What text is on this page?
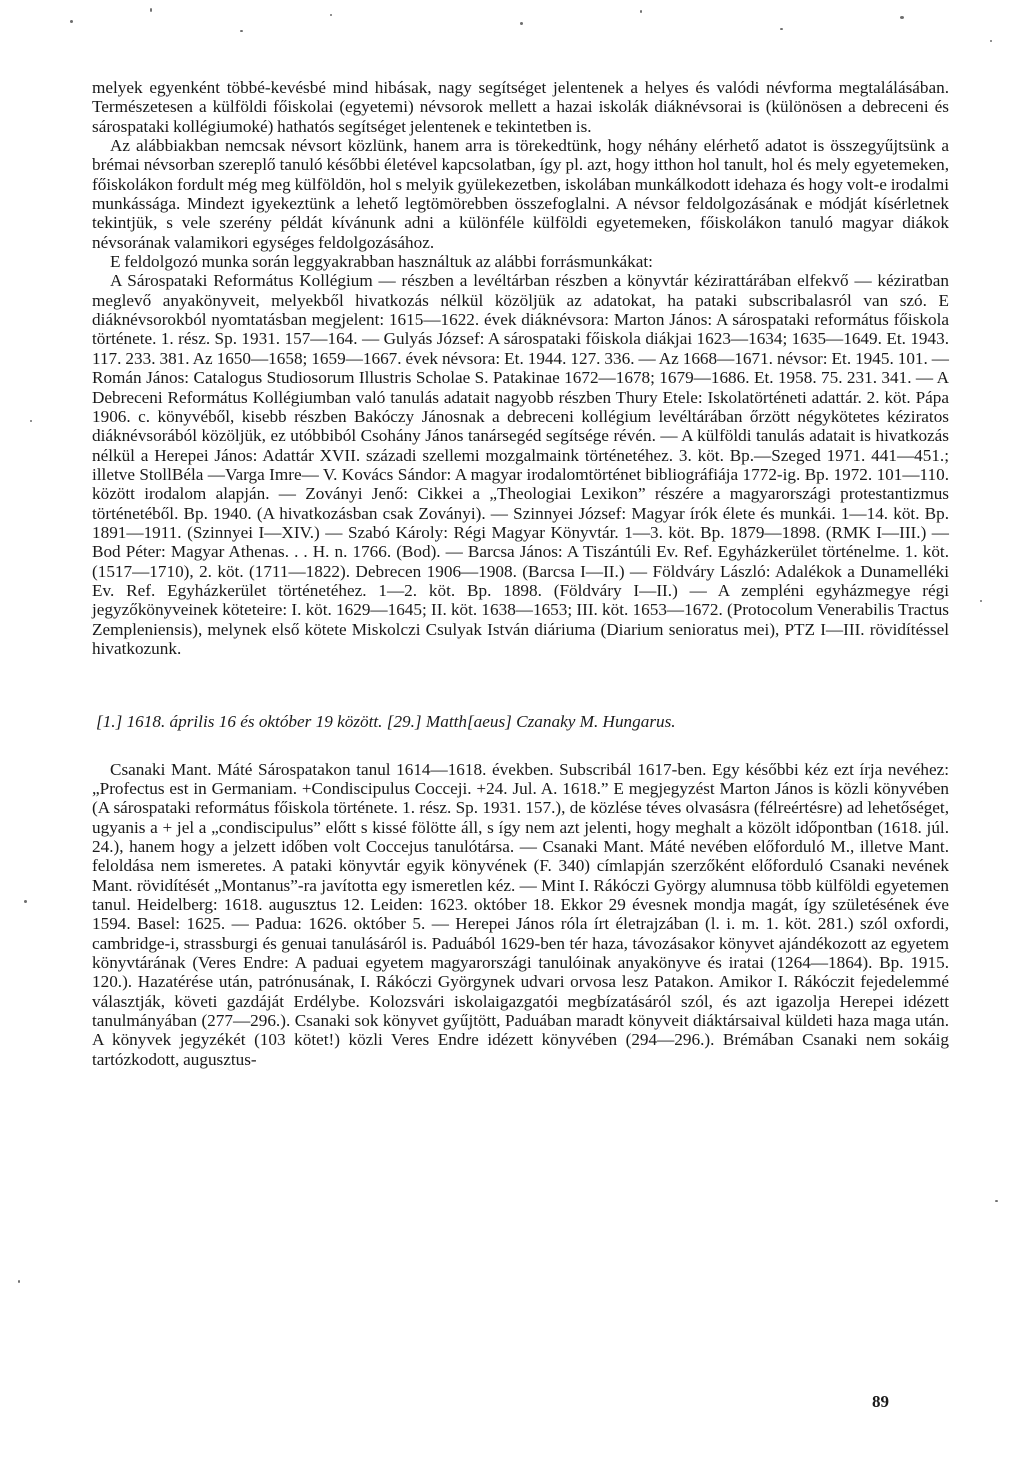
melyek egyenként többé-kevésbé mind hibásak, nagy segítséget jelentenek a helyes és valódi névforma megtalálásában. Természetesen a külföldi főiskolai (egyetemi) névsorok mellett a hazai iskolák diáknévsorai is (különösen a debreceni és sárospataki kollégiumoké) hathatós segítséget jelentenek e tekintetben is.

Az alábbiakban nemcsak névsort közlünk, hanem arra is törekedtünk, hogy néhány elérhető adatot is összegyűjtsünk a brémai névsorban szereplő tanuló későbbi életével kapcsolatban, így pl. azt, hogy itthon hol tanult, hol és mely egyetemeken, főiskolákon fordult még meg külföldön, hol s melyik gyülekezetben, iskolában munkálkodott idehaza és hogy volt-e irodalmi munkássága. Mindezt igyekeztünk a lehető legtömörebben összefoglalni. A névsor feldolgozásának e módját kísérletnek tekintjük, s vele szerény példát kívánunk adni a különféle külföldi egyetemeken, főiskolákon tanuló magyar diákok névsorának valamikori egységes feldolgozásához.

E feldolgozó munka során leggyakrabban használtuk az alábbi forrásmunkákat:

A Sárospataki Református Kollégium — részben a levéltárban részben a könyvtár kézirattárában elfekvő — kéziratban meglevő anyakönyveit, melyekből hivatkozás nélkül közöljük az adatokat, ha pataki subscribalasról van szó. E diáknévsorokból nyomtatásban megjelent: 1615—1622. évek diáknévsora: Marton János: A sárospataki református főiskola története. 1. rész. Sp. 1931. 157—164. — Gulyás József: A sárospataki főiskola diákjai 1623—1634; 1635—1649. Et. 1943. 117. 233. 381. Az 1650—1658; 1659—1667. évek névsora: Et. 1944. 127. 336. — Az 1668—1671. névsor: Et. 1945. 101. — Román János: Catalogus Studiosorum Illustris Scholae S. Patakinae 1672—1678; 1679—1686. Et. 1958. 75. 231. 341. — A Debreceni Református Kollégiumban való tanulás adatait nagyobb részben Thury Etele: Iskolatörténeti adattár. 2. köt. Pápa 1906. c. könyvéből, kisebb részben Bakóczy Jánosnak a debreceni kollégium levéltárában őrzött négykötetes kéziratos diáknévsorából közöljük, ez utóbbiból Csohány János tanársegéd segítsége révén. — A külföldi tanulás adatait is hivatkozás nélkül a Herepei János: Adattár XVII. századi szellemi mozgalmaink történetéhez. 3. köt. Bp.—Szeged 1971. 441—451.; illetve StollBéla —Varga Imre— V. Kovács Sándor: A magyar irodalomtörténet bibliográfiája 1772-ig. Bp. 1972. 101—110. között irodalom alapján. — Zoványi Jenő: Cikkei a „Theologiai Lexikon” részére a magyarországi protestantizmus történetéből. Bp. 1940. (A hivatkozásban csak Zoványi). — Szinnyei József: Magyar írók élete és munkái. 1—14. köt. Bp. 1891—1911. (Szinnyei I—XIV.) — Szabó Károly: Régi Magyar Könyvtár. 1—3. köt. Bp. 1879—1898. (RMK I—III.) — Bod Péter: Magyar Athenas. . . H. n. 1766. (Bod). — Barcsa János: A Tiszántúli Ev. Ref. Egyházkerület történelme. 1. köt. (1517—1710), 2. köt. (1711—1822). Debrecen 1906—1908. (Barcsa I—II.) — Földváry László: Adalékok a Dunamelléki Ev. Ref. Egyházkerület történetéhez. 1—2. köt. Bp. 1898. (Földváry I—II.) — A zempléni egyházmegye régi jegyzőkönyveinek köteteire: I. köt. 1629—1645; II. köt. 1638—1653; III. köt. 1653—1672. (Protocolum Venerabilis Tractus Zempleniensis), melynek első kötete Miskolczi Csulyak István diáriuma (Diarium senioratus mei), PTZ I—III. rövidítéssel hivatkozunk.

[1.] 1618. április 16 és október 19 között. [29.] Matth[aeus] Czanaky M. Hungarus.

Csanaki Mant. Máté Sárospatakon tanul 1614—1618. években. Subscribál 1617-ben. Egy későbbi kéz ezt írja nevéhez: „Profectus est in Germaniam. +Condiscipulus Cocceji. +24. Jul. A. 1618.” E megjegyzést Marton János is közli könyvében (A sárospataki református főiskola története. 1. rész. Sp. 1931. 157.), de közlése téves olvasásra (félreértésre) ad lehetőséget, ugyanis a + jel a „condiscipulus” előtt s kissé fölötte áll, s így nem azt jelenti, hogy meghalt a közölt időpontban (1618. júl. 24.), hanem hogy a jelzett időben volt Coccejus tanulótársa. — Csanaki Mant. Máté nevében előforduló M., illetve Mant. feloldása nem ismeretes. A pataki könyvtár egyik könyvének (F. 340) címlapján szerzőként előforduló Csanaki nevének Mant. rövidítését „Montanus”-ra javította egy ismeretlen kéz. — Mint I. Rákóczi György alumnusa több külföldi egyetemen tanul. Heidelberg: 1618. augusztus 12. Leiden: 1623. október 18. Ekkor 29 évesnek mondja magát, így születésének éve 1594. Basel: 1625. — Padua: 1626. október 5. — Herepei János róla írt életrajzában (l. i. m. 1. köt. 281.) szól oxfordi, cambridge-i, strassburgi és genuai tanulásáról is. Paduából 1629-ben tér haza, távozásakor könyvet ajándékozott az egyetem könyvtárának (Veres Endre: A paduai egyetem magyarországi tanulóinak anyakönyve és iratai (1264—1864). Bp. 1915. 120.). Hazatérése után, patrónusának, I. Rákóczi Györgynek udvari orvosa lesz Patakon. Amikor I. Rákóczit fejedelemmé választják, követi gazdáját Erdélybe. Kolozsvári iskolaigazgatói megbízatásáról szól, és azt igazolja Herepei idézett tanulmányában (277—296.). Csanaki sok könyvet gyűjtött, Paduában maradt könyveit diáktársaival küldeti haza maga után. A könyvek jegyzékét (103 kötet!) közli Veres Endre idézett könyvében (294—296.). Brémában Csanaki nem sokáig tartózkodott, augusztus-

89
